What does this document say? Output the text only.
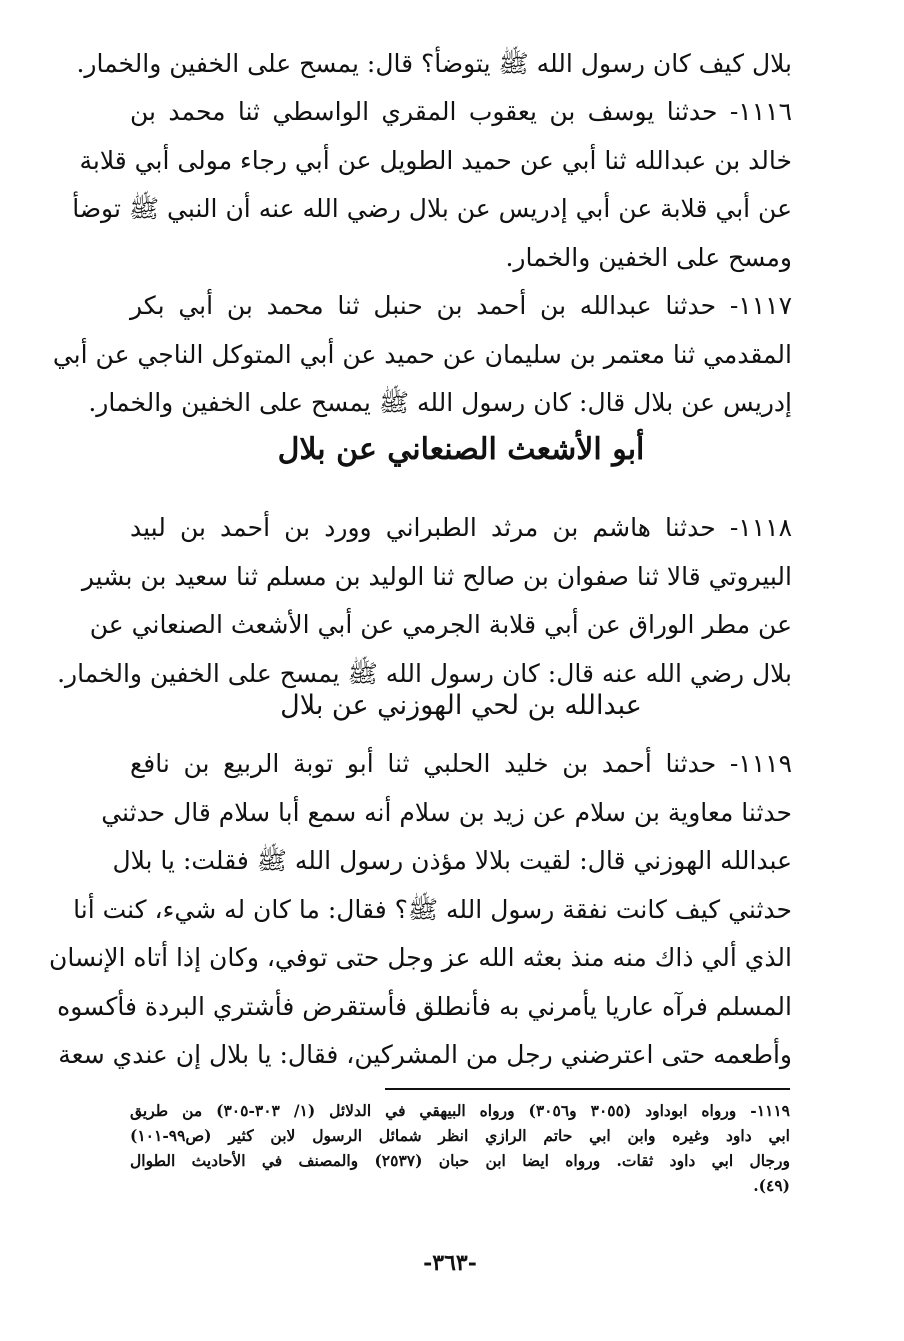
بلال كيف كان رسول الله ﷺ يتوضأ؟ قال: يمسح على الخفين والخمار.
١١١٦- حدثنا يوسف بن يعقوب المقري الواسطي ثنا محمد بن
خالد بن عبدالله ثنا أبي عن حميد الطويل عن أبي رجاء مولى أبي قلابة
عن أبي قلابة عن أبي إدريس عن بلال رضي الله عنه أن النبي ﷺ توضأ
ومسح على الخفين والخمار.
١١١٧- حدثنا عبدالله بن أحمد بن حنبل ثنا محمد بن أبي بكر
المقدمي ثنا معتمر بن سليمان عن حميد عن أبي المتوكل الناجي عن أبي
إدريس عن بلال قال: كان رسول الله ﷺ يمسح على الخفين والخمار.
أبو الأشعث الصنعاني عن بلال
١١١٨- حدثنا هاشم بن مرثد الطبراني وورد بن أحمد بن لبيد
البيروتي قالا ثنا صفوان بن صالح ثنا الوليد بن مسلم ثنا سعيد بن بشير
عن مطر الوراق عن أبي قلابة الجرمي عن أبي الأشعث الصنعاني عن
بلال رضي الله عنه قال: كان رسول الله ﷺ يمسح على الخفين والخمار.
عبدالله بن لحي الهوزني عن بلال
١١١٩- حدثنا أحمد بن خليد الحلبي ثنا أبو توبة الربيع بن نافع
حدثنا معاوية بن سلام عن زيد بن سلام أنه سمع أبا سلام قال حدثني
عبدالله الهوزني قال: لقيت بلالا مؤذن رسول الله ﷺ فقلت: يا بلال
حدثني كيف كانت نفقة رسول الله ﷺ؟ فقال: ما كان له شيء، كنت أنا
الذي ألي ذاك منه منذ بعثه الله عز وجل حتى توفي، وكان إذا أتاه الإنسان
المسلم فرآه عاريا يأمرني به فأنطلق فأستقرض فأشتري البردة فأكسوه
وأطعمه حتى اعترضني رجل من المشركين، فقال: يا بلال إن عندي سعة
١١١٩- ورواه ابوداود (٣٠٥٥ و٣٠٥٦) ورواه البيهقي في الدلائل (١/ ٣٠٣-٣٠٥) من طريق
ابي داود وغيره وابن ابي حاتم الرازي انظر شمائل الرسول لابن كثير (ص٩٩-١٠١)
ورجال ابي داود ثقات. ورواه ايضا ابن حبان (٢٥٣٧) والمصنف في الأحاديث الطوال
(٤٩).
-٣٦٣-
